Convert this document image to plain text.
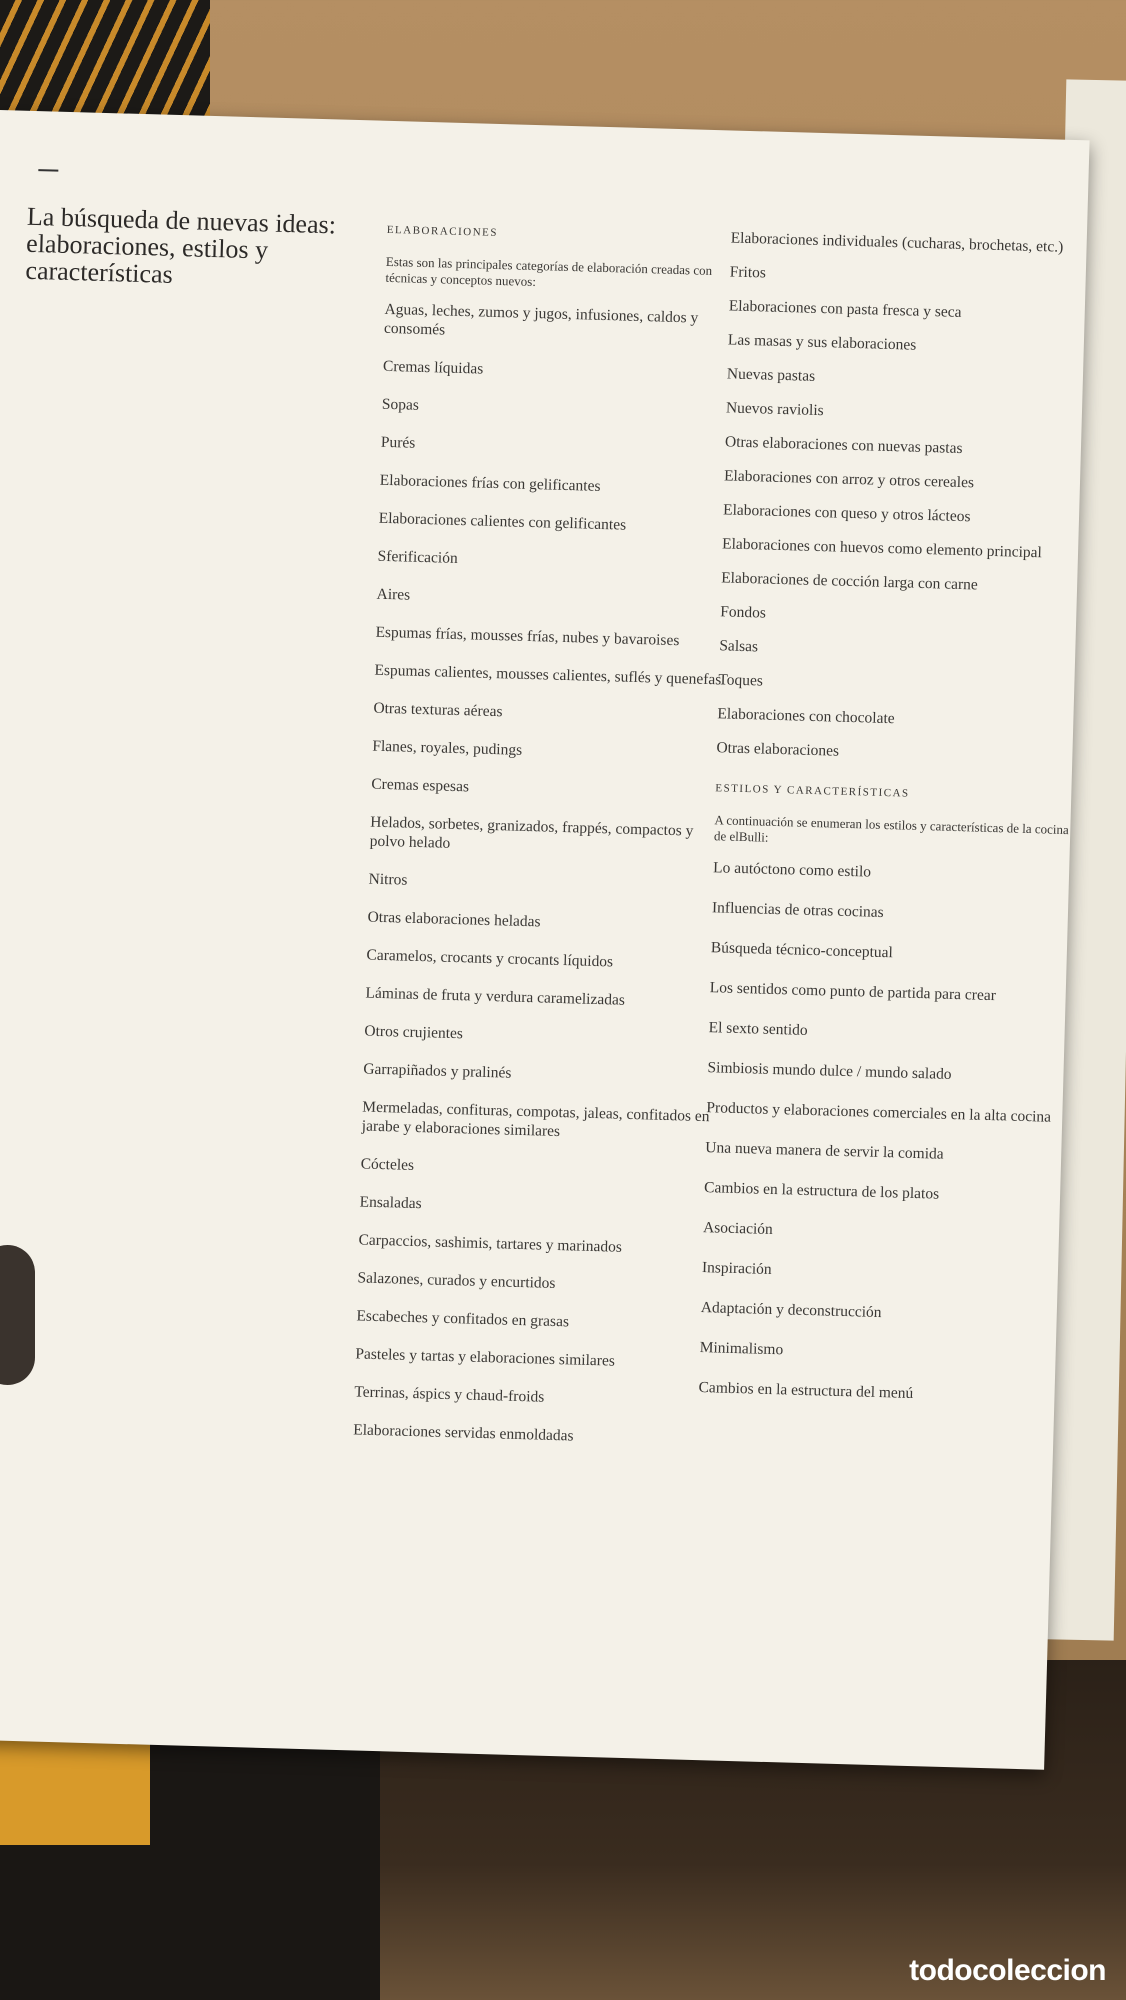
La búsqueda de nuevas ideas: elaboraciones, estilos y características
ELABORACIONES
Estas son las principales categorías de elaboración creadas con técnicas y conceptos nuevos:
Aguas, leches, zumos y jugos, infusiones, caldos y consomés
Cremas líquidas
Sopas
Purés
Elaboraciones frías con gelificantes
Elaboraciones calientes con gelificantes
Sferificación
Aires
Espumas frías, mousses frías, nubes y bavaroises
Espumas calientes, mousses calientes, suflés y quenefas
Otras texturas aéreas
Flanes, royales, pudings
Cremas espesas
Helados, sorbetes, granizados, frappés, compactos y polvo helado
Nitros
Otras elaboraciones heladas
Caramelos, crocants y crocants líquidos
Láminas de fruta y verdura caramelizadas
Otros crujientes
Garrapiñados y pralinés
Mermeladas, confituras, compotas, jaleas, confitados en jarabe y elaboraciones similares
Cócteles
Ensaladas
Carpaccios, sashimis, tartares y marinados
Salazones, curados y encurtidos
Escabeches y confitados en grasas
Pasteles y tartas y elaboraciones similares
Terrinas, áspics y chaud-froids
Elaboraciones servidas enmoldadas
Elaboraciones individuales (cucharas, brochetas, etc.)
Fritos
Elaboraciones con pasta fresca y seca
Las masas y sus elaboraciones
Nuevas pastas
Nuevos raviolis
Otras elaboraciones con nuevas pastas
Elaboraciones con arroz y otros cereales
Elaboraciones con queso y otros lácteos
Elaboraciones con huevos como elemento principal
Elaboraciones de cocción larga con carne
Fondos
Salsas
Toques
Elaboraciones con chocolate
Otras elaboraciones
ESTILOS Y CARACTERÍSTICAS
A continuación se enumeran los estilos y características de la cocina de elBulli:
Lo autóctono como estilo
Influencias de otras cocinas
Búsqueda técnico-conceptual
Los sentidos como punto de partida para crear
El sexto sentido
Simbiosis mundo dulce / mundo salado
Productos y elaboraciones comerciales en la alta cocina
Una nueva manera de servir la comida
Cambios en la estructura de los platos
Asociación
Inspiración
Adaptación y deconstrucción
Minimalismo
Cambios en la estructura del menú
todocoleccion
